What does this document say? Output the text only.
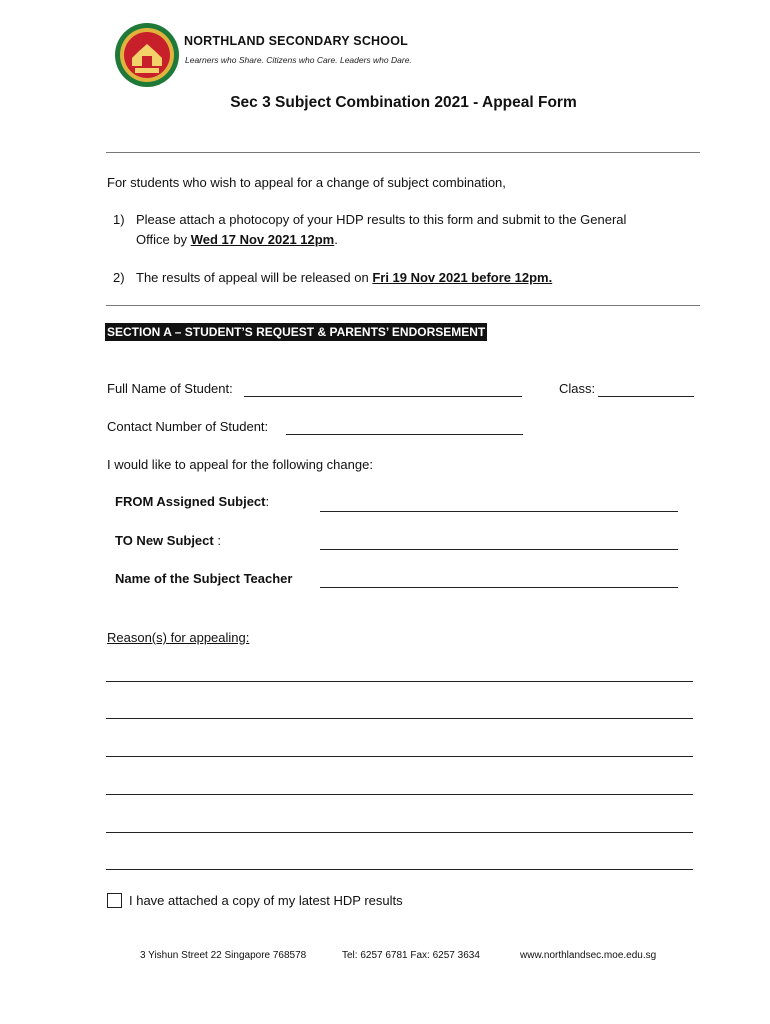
NORTHLAND SECONDARY SCHOOL
Learners who Share. Citizens who Care. Leaders who Dare.
Sec 3 Subject Combination 2021 - Appeal Form
For students who wish to appeal for a change of subject combination,
1) Please attach a photocopy of your HDP results to this form and submit to the General
Office by Wed 17 Nov 2021 12pm.
2) The results of appeal will be released on Fri 19 Nov 2021 before 12pm.
SECTION A – STUDENT’S REQUEST & PARENTS’ ENDORSEMENT
Full Name of Student:	Class:
Contact Number of Student:
I would like to appeal for the following change:
FROM Assigned Subject:
TO New Subject :
Name of the Subject Teacher
Reason(s) for appealing:
I have attached a copy of my latest HDP results
3 Yishun Street 22 Singapore 768578	Tel: 6257 6781 Fax: 6257 3634	www.northlandsec.moe.edu.sg
